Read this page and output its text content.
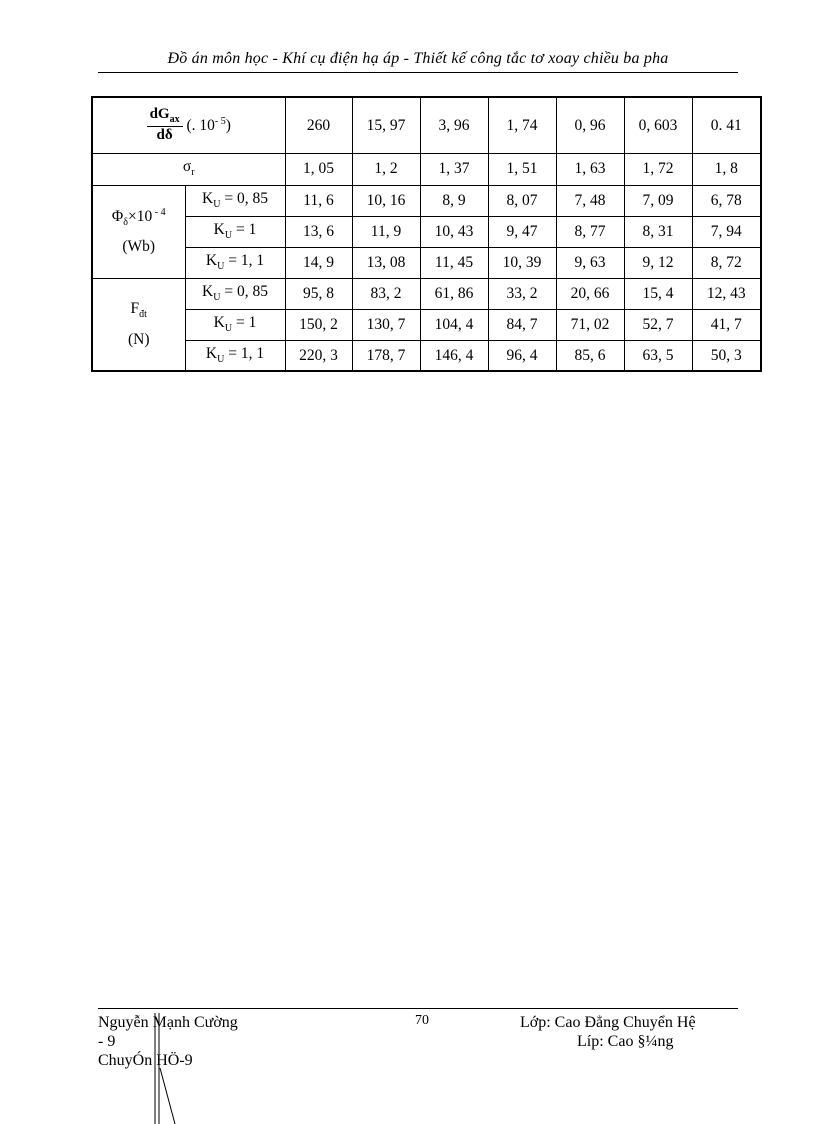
Đồ án môn học - Khí cụ điện hạ áp - Thiết kế công tắc tơ xoay chiều ba pha
$\frac{dG_{ax}}{d\delta}$ (. $10^{- 5}$)		260	15, 97	3, 96	1, 74	0, 96	0, 603	0. 41
$\sigma_r$		1, 05	1, 2	1, 37	1, 51	1, 63	1, 72	1, 8

$\Phi_\delta\times 10$ $^{- 4}$
(Wb)	$K_U = 0$, 85	11, 6	10, 16	8, 9	8, 07	7, 48	7, 09	6, 78
	$K_U = 1$	13, 6	11, 9	10, 43	9, 47	8, 77	8, 31	7, 94
	$K_U = 1$, 1	14, 9	13, 08	11, 45	10, 39	9, 63	9, 12	8, 72

$F_{đt}$
(N)	$K_U = 0$, 85	95, 8	83, 2	61, 86	33, 2	20, 66	15, 4	12, 43
	$K_U = 1$	150, 2	130, 7	104, 4	84, 7	71, 02	52, 7	41, 7
	$K_U = 1$, 1	220, 3	178, 7	146, 4	96, 4	85, 6	63, 5	50, 3
Nguyễn Mạnh Cường
- 9
ChuyÓn HÖ-9
70	Lớp: Cao Đẳng Chuyển Hệ
Líp: Cao §¼ng
